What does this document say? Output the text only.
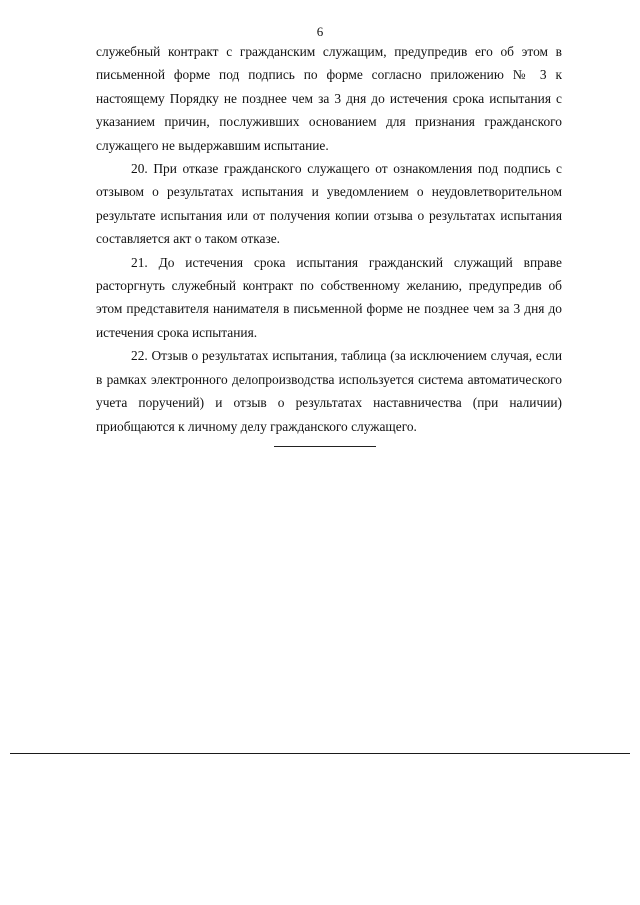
6

служебный контракт с гражданским служащим, предупредив его об этом в письменной форме под подпись по форме согласно приложению № 3 к настоящему Порядку не позднее чем за 3 дня до истечения срока испытания с указанием причин, послуживших основанием для признания гражданского служащего не выдержавшим испытание.

20. При отказе гражданского служащего от ознакомления под подпись с отзывом о результатах испытания и уведомлением о неудовлетворительном результате испытания или от получения копии отзыва о результатах испытания составляется акт о таком отказе.

21. До истечения срока испытания гражданский служащий вправе расторгнуть служебный контракт по собственному желанию, предупредив об этом представителя нанимателя в письменной форме не позднее чем за 3 дня до истечения срока испытания.

22. Отзыв о результатах испытания, таблица (за исключением случая, если в рамках электронного делопроизводства используется система автоматического учета поручений) и отзыв о результатах наставничества (при наличии) приобщаются к личному делу гражданского служащего.
